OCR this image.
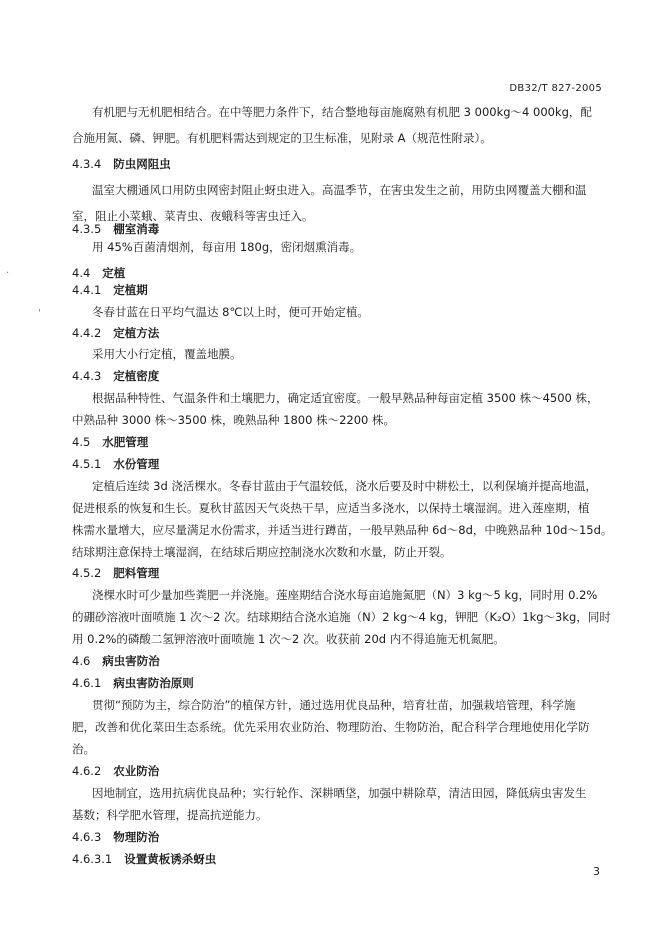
DB32/T 827-2005
有机肥与无机肥相结合。在中等肥力条件下，结合整地每亩施腐熟有机肥 3 000kg～4 000kg，配
合施用氮、磷、钾肥。有机肥料需达到规定的卫生标准，见附录 A（规范性附录）。
4.3.4 防虫网阻虫
温室大棚通风口用防虫网密封阻止蚜虫进入。高温季节，在害虫发生之前，用防虫网覆盖大棚和温
室，阻止小菜蛾、菜青虫、夜蛾科等害虫迁入。
4.3.5 棚室消毒
用 45%百菌清烟剂，每亩用 180g，密闭烟熏消毒。
4.4 定植
4.4.1 定植期
冬春甘蓝在日平均气温达 8℃以上时，便可开始定植。
4.4.2 定植方法
采用大小行定植，覆盖地膜。
4.4.3 定植密度
根据品种特性、气温条件和土壤肥力，确定适宜密度。一般早熟品种每亩定植 3500 株～4500 株，
中熟品种 3000 株～3500 株，晚熟品种 1800 株～2200 株。
4.5 水肥管理
4.5.1 水份管理
定植后连续 3d 浇活棵水。冬春甘蓝由于气温较低，浇水后要及时中耕松土，以利保墒并提高地温，
促进根系的恢复和生长。夏秋甘蓝因天气炎热干旱，应适当多浇水，以保持土壤湿润。进入莲座期，植
株需水量增大，应尽量满足水份需求，并适当进行蹲苗，一般早熟品种 6d～8d，中晚熟品种 10d～15d。
结球期注意保持土壤湿润，在结球后期应控制浇水次数和水量，防止开裂。
4.5.2 肥料管理
浇棵水时可少量加些粪肥一并浇施。莲座期结合浇水每亩追施氮肥（N）3 kg～5 kg，同时用 0.2%
的硼砂溶液叶面喷施 1 次～2 次。结球期结合浇水追施（N）2 kg～4 kg，钾肥（K₂O）1kg～3kg，同时
用 0.2%的磷酸二氢钾溶液叶面喷施 1 次～2 次。收获前 20d 内不得追施无机氮肥。
4.6 病虫害防治
4.6.1 病虫害防治原则
贯彻“预防为主，综合防治”的植保方针，通过选用优良品种，培育壮苗，加强栽培管理，科学施
肥，改善和优化菜田生态系统。优先采用农业防治、物理防治、生物防治，配合科学合理地使用化学防
治。
4.6.2 农业防治
因地制宜，选用抗病优良品种；实行轮作、深耕晒垡，加强中耕除草，清洁田园，降低病虫害发生
基数；科学肥水管理，提高抗逆能力。
4.6.3 物理防治
4.6.3.1 设置黄板诱杀蚜虫
·
'
3
